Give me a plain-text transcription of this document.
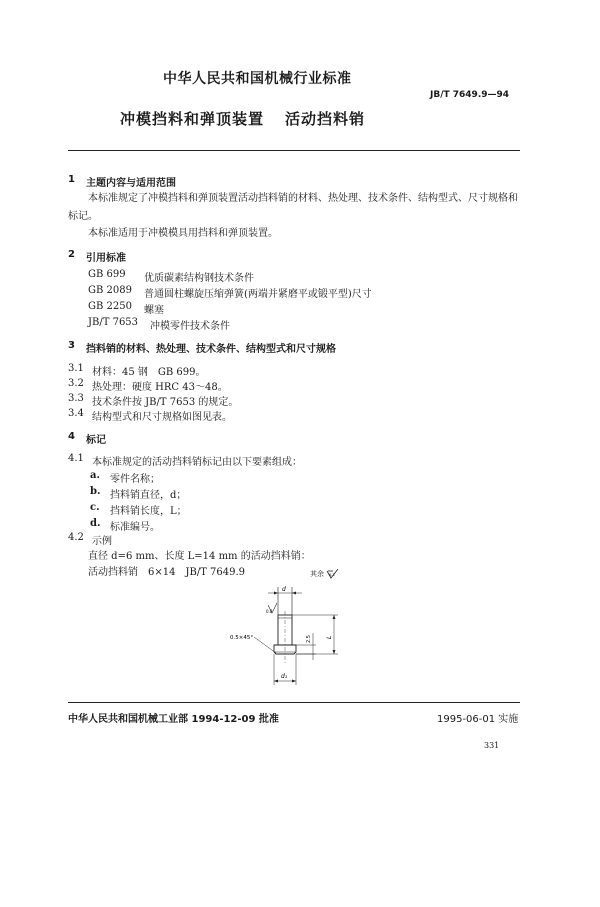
中华人民共和国机械行业标准
JB/T 7649.9—94
冲模挡料和弹顶装置 活动挡料销
1 主题内容与适用范围
本标准规定了冲模挡料和弹顶装置活动挡料销的材料、热处理、技术条件、结构型式、尺寸规格和标记。
本标准适用于冲模模具用挡料和弹顶装置。
2 引用标准
GB 699 优质碳素结构钢技术条件
GB 2089 普通圆柱螺旋压缩弹簧(两端并紧磨平或锻平型)尺寸
GB 2250 螺塞
JB/T 7653 冲模零件技术条件
3 挡料销的材料、热处理、技术条件、结构型式和尺寸规格
3.1 材料：45 钢　GB 699。
3.2 热处理：硬度 HRC 43～48。
3.3 技术条件按 JB/T 7653 的规定。
3.4 结构型式和尺寸规格如图见表。
4 标记
4.1 本标准规定的活动挡料销标记由以下要素组成：
a. 零件名称；
b. 挡料销直径，d；
c. 挡料销长度，L；
d. 标准编号。
4.2 示例
直径 d=6 mm、长度 L=14 mm 的活动挡料销：
活动挡料销　6×14　JB/T 7649.9	其余 6.3
d
0.8
0.5×45°	2.5 L
d₁
中华人民共和国机械工业部 1994-12-09 批准	1995-06-01 实施
331
